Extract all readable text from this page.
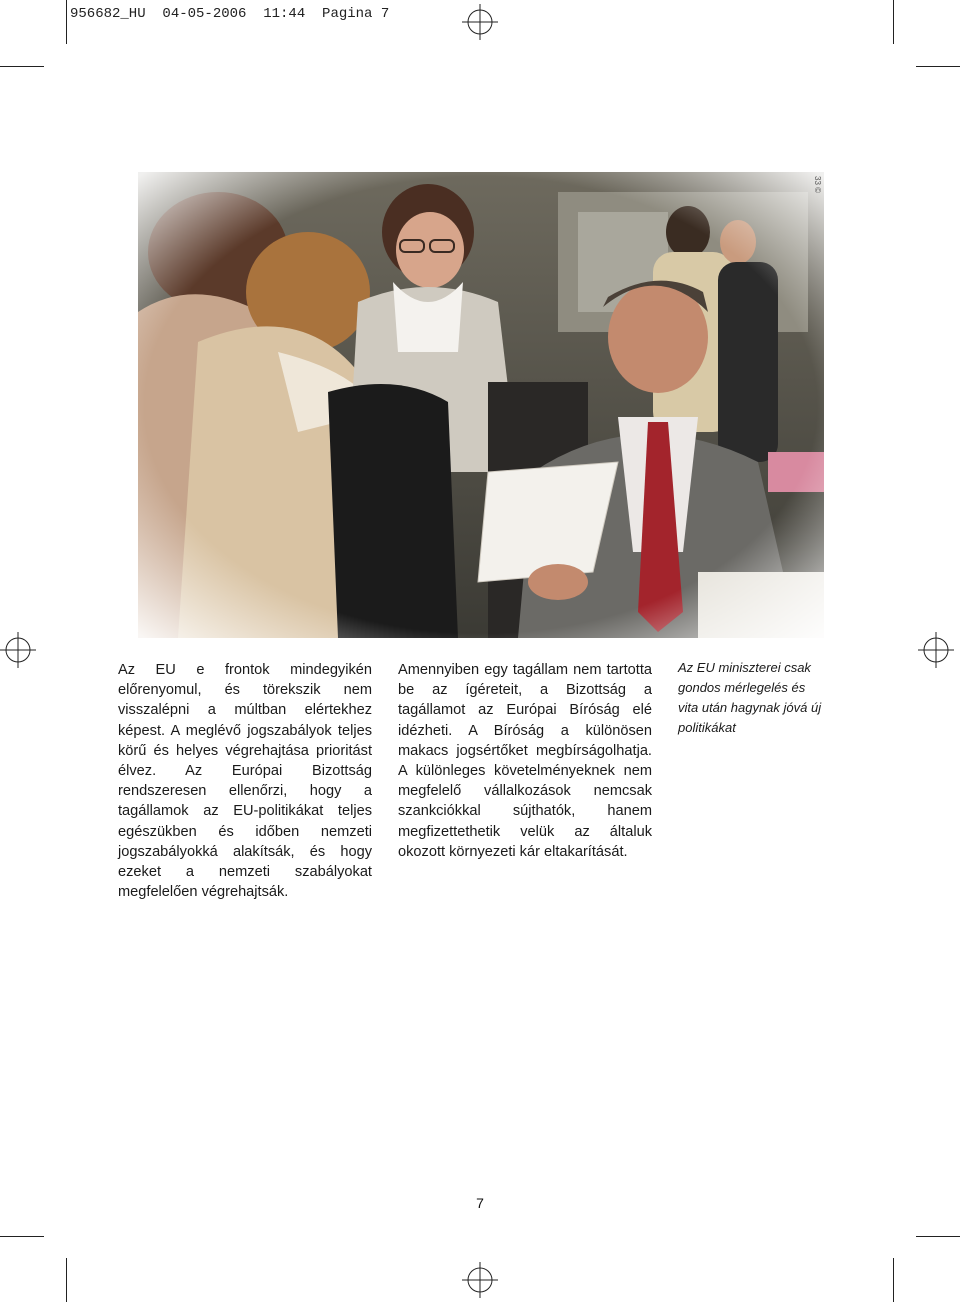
956682_HU  04-05-2006  11:44  Pagina 7
33 ©
Az EU e frontok mindegyikén előrenyomul, és törekszik nem visszalépni a múltban elértekhez képest. A meglévő jogszabályok teljes körű és helyes végrehajtása prioritást élvez. Az Európai Bizottság rendszeresen ellenőrzi, hogy a tagállamok az EU-politikákat teljes egészükben és időben nemzeti jogszabályokká alakítsák, és hogy ezeket a nemzeti szabályokat megfelelően végrehajtsák.
Amennyiben egy tagállam nem tartotta be az ígéreteit, a Bizottság a tagállamot az Európai Bíróság elé idézheti. A Bíróság a különösen makacs jogsértőket megbírságolhatja. A különleges követelményeknek nem megfelelő vállalkozások nemcsak szankciókkal sújthatók, hanem megfizettethetik velük az általuk okozott környezeti kár eltakarítását.
Az EU miniszterei csak gondos mérlegelés és vita után hagynak jóvá új politikákat
7
